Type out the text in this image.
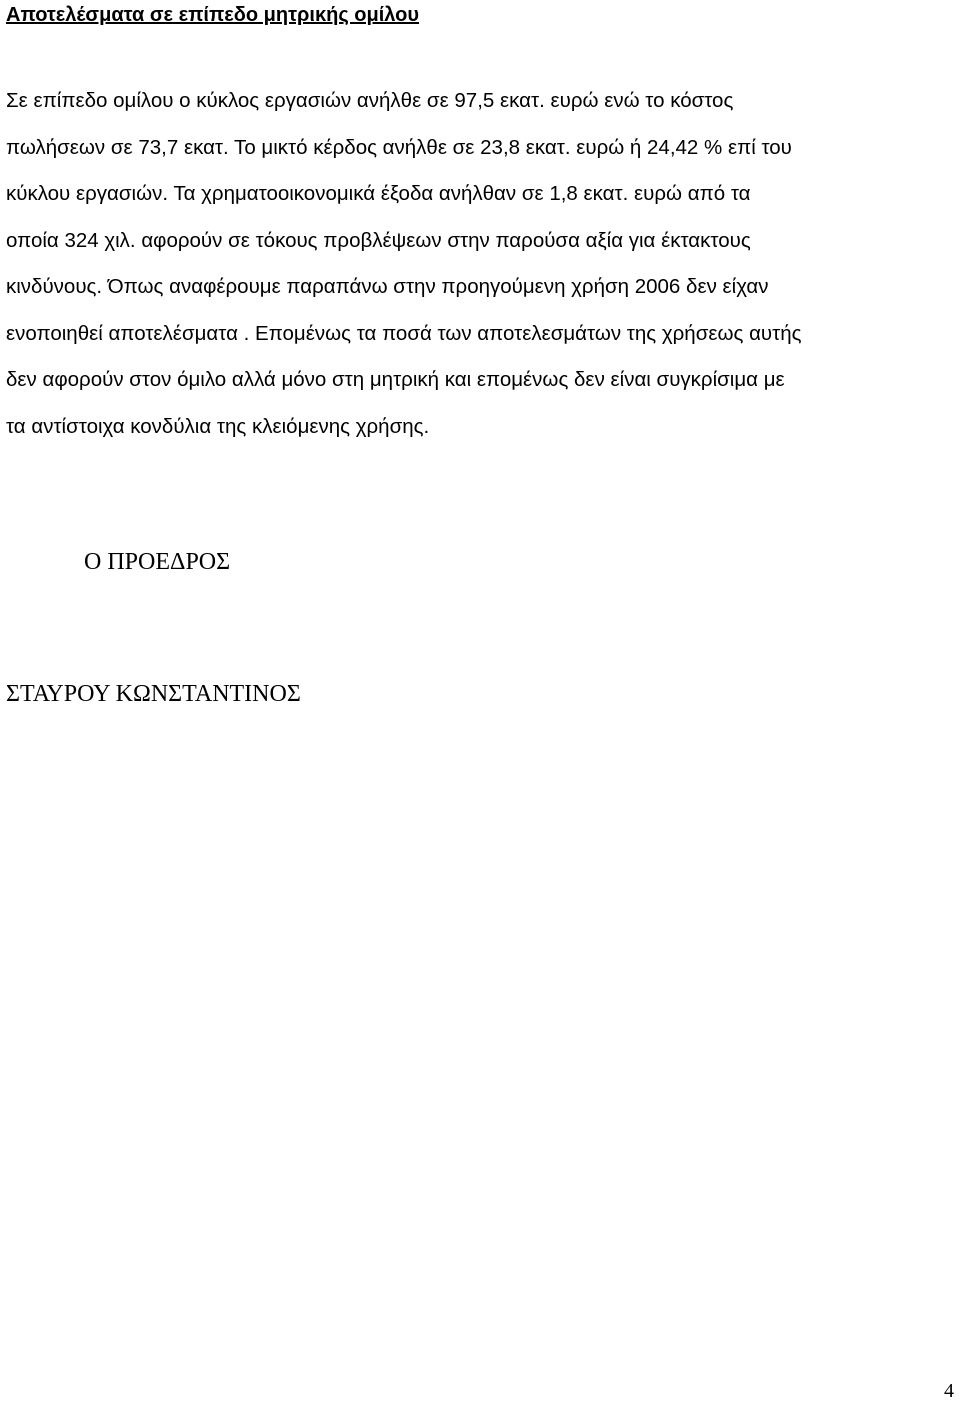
Αποτελέσματα σε επίπεδο μητρικής ομίλου
Σε επίπεδο ομίλου ο κύκλος εργασιών ανήλθε σε 97,5 εκατ. ευρώ ενώ το κόστος
πωλήσεων σε 73,7 εκατ. Το μικτό κέρδος ανήλθε σε 23,8 εκατ. ευρώ ή 24,42 % επί του
κύκλου εργασιών. Τα χρηματοοικονομικά έξοδα ανήλθαν σε 1,8 εκατ. ευρώ από τα
οποία 324 χιλ. αφορούν σε τόκους προβλέψεων στην παρούσα αξία για έκτακτους
κινδύνους. Όπως αναφέρουμε παραπάνω στην προηγούμενη χρήση 2006 δεν είχαν
ενοποιηθεί αποτελέσματα . Επομένως τα ποσά των αποτελεσμάτων της χρήσεως αυτής
δεν αφορούν στον όμιλο αλλά μόνο στη μητρική και επομένως δεν είναι συγκρίσιμα με
τα αντίστοιχα κονδύλια της κλειόμενης χρήσης.
Ο ΠΡΟΕΔΡΟΣ
ΣΤΑΥΡΟΥ ΚΩΝΣΤΑΝΤΙΝΟΣ
4
